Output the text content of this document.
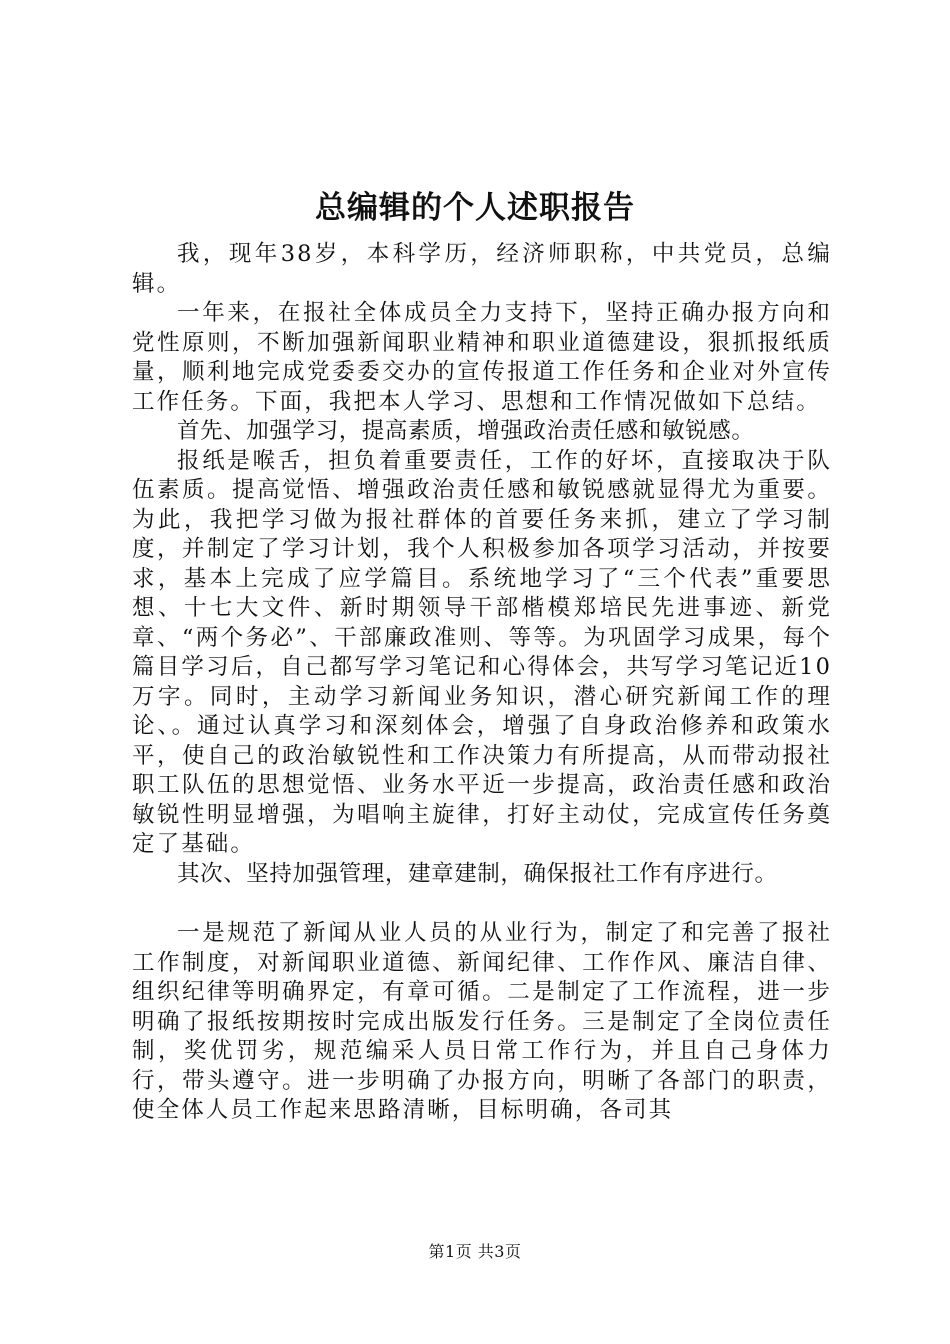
总编辑的个人述职报告

我，现年38岁，本科学历，经济师职称，中共党员，总编辑。

一年来，在报社全体成员全力支持下，坚持正确办报方向和党性原则，不断加强新闻职业精神和职业道德建设，狠抓报纸质量，顺利地完成党委委交办的宣传报道工作任务和企业对外宣传工作任务。下面，我把本人学习、思想和工作情况做如下总结。

首先、加强学习，提高素质，增强政治责任感和敏锐感。

报纸是喉舌，担负着重要责任，工作的好坏，直接取决于队伍素质。提高觉悟、增强政治责任感和敏锐感就显得尤为重要。为此，我把学习做为报社群体的首要任务来抓，建立了学习制度，并制定了学习计划，我个人积极参加各项学习活动，并按要求，基本上完成了应学篇目。系统地学习了“三个代表”重要思想、十七大文件、新时期领导干部楷模郑培民先进事迹、新党章、“两个务必”、干部廉政准则、等等。为巩固学习成果，每个篇目学习后，自己都写学习笔记和心得体会，共写学习笔记近10万字。同时，主动学习新闻业务知识，潜心研究新闻工作的理论、。通过认真学习和深刻体会，增强了自身政治修养和政策水平，使自己的政治敏锐性和工作决策力有所提高，从而带动报社职工队伍的思想觉悟、业务水平近一步提高，政治责任感和政治敏锐性明显增强，为唱响主旋律，打好主动仗，完成宣传任务奠定了基础。

其次、坚持加强管理，建章建制，确保报社工作有序进行。

一是规范了新闻从业人员的从业行为，制定了和完善了报社工作制度，对新闻职业道德、新闻纪律、工作作风、廉洁自律、组织纪律等明确界定，有章可循。二是制定了工作流程，进一步明确了报纸按期按时完成出版发行任务。三是制定了全岗位责任制，奖优罚劣，规范编采人员日常工作行为，并且自己身体力行，带头遵守。进一步明确了办报方向，明晰了各部门的职责，使全体人员工作起来思路清晰，目标明确，各司其

第1页 共3页
